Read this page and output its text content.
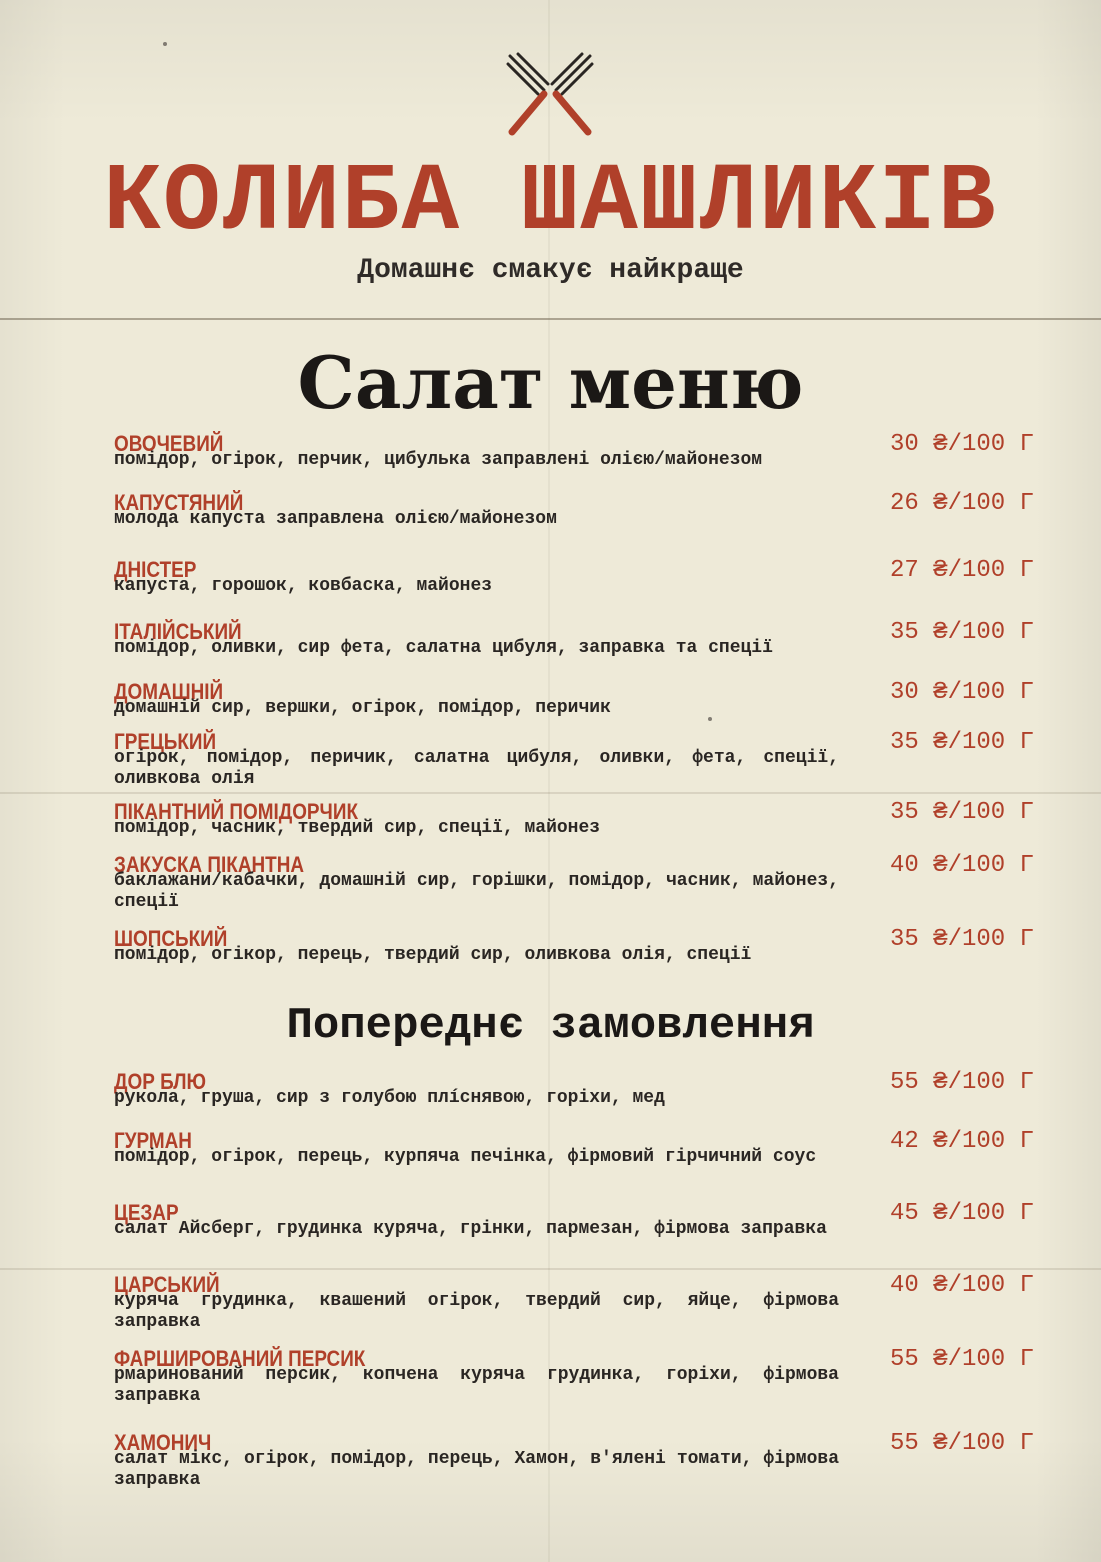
КОЛИБА ШАШЛИКІВ
Домашнє смакує найкраще
Салат меню
Попереднє замовлення
ОВОЧЕВИЙ
помідор, огірок, перчик, цибулька заправлені олією/майонезом
30 ₴/100 Г
КАПУСТЯНИЙ
молода капуста заправлена олією/майонезом
26 ₴/100 Г
ДНІСТЕР
капуста, горошок, ковбаска, майонез
27 ₴/100 Г
ІТАЛІЙСЬКИЙ
помідор, оливки, сир фета, салатна цибуля, заправка та спеції
35 ₴/100 Г
ДОМАШНІЙ
домашній сир, вершки, огірок, помідор, перичик
30 ₴/100 Г
ГРЕЦЬКИЙ
огірок, помідор, перичик, салатна цибуля, оливки, фета, спеції, оливкова олія
35 ₴/100 Г
ПІКАНТНИЙ ПОМІДОРЧИК
помідор, часник, твердий сир, спеції, майонез
35 ₴/100 Г
ЗАКУСКА ПІКАНТНА
баклажани/кабачки, домашній сир, горішки, помідор, часник, майонез, спеції
40 ₴/100 Г
ШОПСЬКИЙ
помідор, огікор, перець, твердий сир, оливкова олія, спеції
35 ₴/100 Г
ДОР БЛЮ
рукола, груша, сир з голубою плíснявою, горіхи, мед
55 ₴/100 Г
ГУРМАН
помідор, огірок, перець, курпяча печінка, фірмовий гірчичний соус
42 ₴/100 Г
ЦЕЗАР
салат Айсберг, грудинка куряча, грінки, пармезан, фірмова заправка
45 ₴/100 Г
ЦАРСЬКИЙ
куряча грудинка, квашений огірок, твердий сир, яйце, фірмова заправка
40 ₴/100 Г
ФАРШИРОВАНИЙ ПЕРСИК
рмаринований персик, копчена куряча грудинка, горіхи, фірмова заправка
55 ₴/100 Г
ХАМОНИЧ
салат мікс, огірок, помідор, перець, Хамон, в'ялені томати, фірмова заправка
55 ₴/100 Г
